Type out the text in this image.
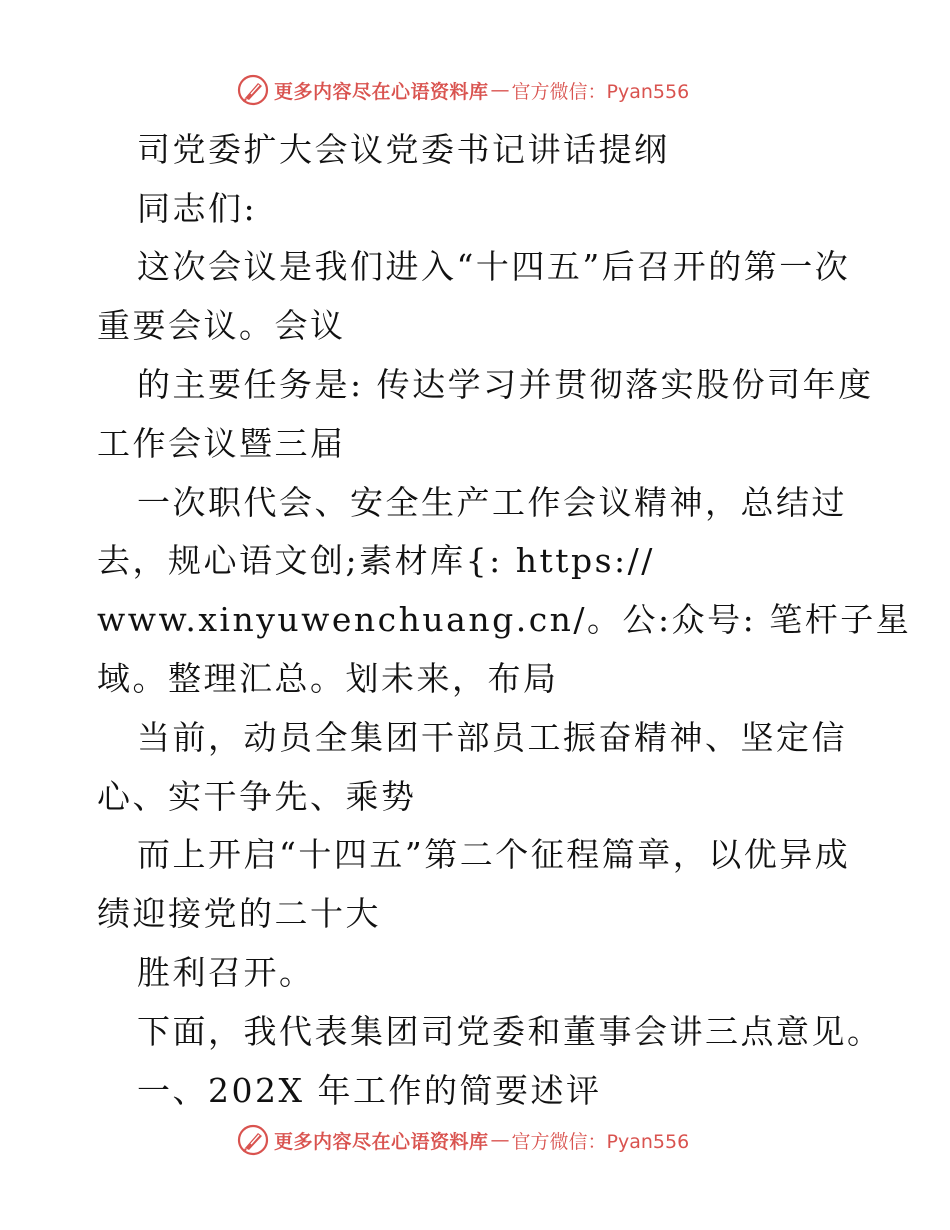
更多内容尽在心语资料库 — 官方微信：Pyan556
司党委扩大会议党委书记讲话提纲
同志们:
这次会议是我们进入“十四五”后召开的第一次
重要会议。会议
的主要任务是: 传达学习并贯彻落实股份司年度
工作会议暨三届
一次职代会、安全生产工作会议精神，总结过
去，规心语文创;素材库{: https://
www.xinyuwenchuang.cn/。公:众号: 笔杆子星
域。整理汇总。划未来，布局
当前，动员全集团干部员工振奋精神、坚定信
心、实干争先、乘势
而上开启“十四五”第二个征程篇章，以优异成
绩迎接党的二十大
胜利召开。
下面，我代表集团司党委和董事会讲三点意见。
一、202X 年工作的简要述评
更多内容尽在心语资料库 — 官方微信：Pyan556
